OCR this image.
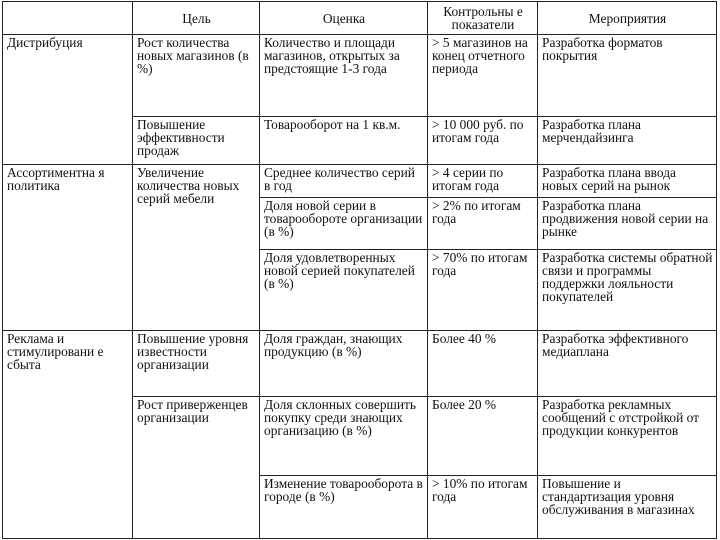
	Цель	Оценка	Контрольны е показатели	Мероприятия
Дистрибуция	Рост количества новых магазинов (в %)	Количество и площади магазинов, открытых за предстоящие 1-3 года	> 5 магазинов на конец отчетного периода	Разработка форматов покрытия
	Повышение эффективности продаж	Товарооборот на 1 кв.м.	> 10 000 руб. по итогам года	Разработка плана мерчендайзинга
Ассортиментна я политика	Увеличение количества новых серий мебели	Среднее количество серий в год	> 4 серии по итогам года	Разработка плана ввода новых серий на рынок
		Доля новой серии в товарообороте организации (в %)	> 2% по итогам года	Разработка плана продвижения новой серии на рынке
		Доля удовлетворенных новой серией покупателей (в %)	> 70% по итогам года	Разработка системы обратной связи и программы поддержки лояльности покупателей
Реклама и стимулировани е сбыта	Повышение уровня известности организации	Доля граждан, знающих продукцию (в %)	Более 40 %	Разработка эффективного медиаплана
	Рост приверженцев организации	Доля склонных совершить покупку среди знающих организацию (в %)	Более 20 %	Разработка рекламных сообщений с отстройкой от продукции конкурентов
		Изменение товарооборота в городе (в %)	> 10% по итогам года	Повышение и стандартизация уровня обслуживания в магазинах
